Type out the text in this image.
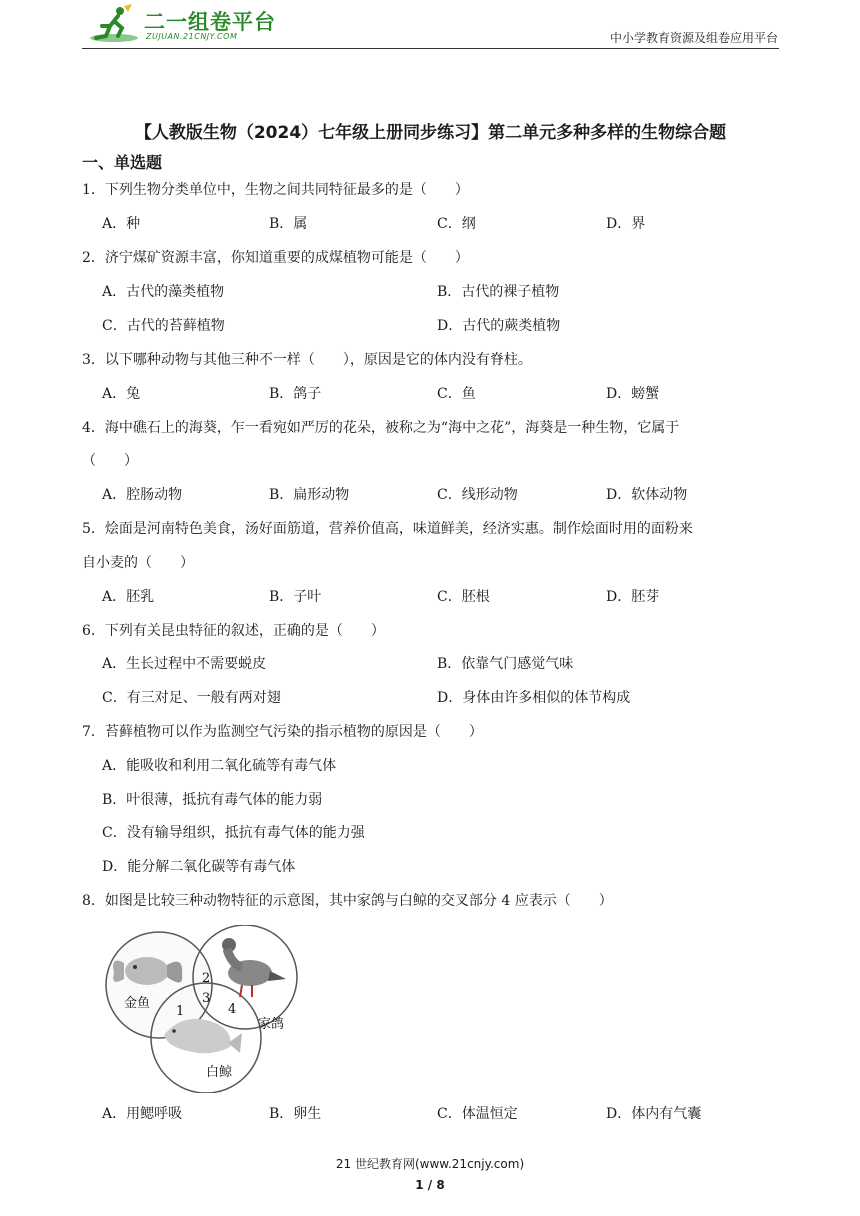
二一组卷平台
ZUJUAN.21CNJY.COM	中小学教育资源及组卷应用平台
【人教版生物（2024）七年级上册同步练习】第二单元多种多样的生物综合题
一、单选题
1．下列生物分类单位中，生物之间共同特征最多的是（　　）
A．种	B．属	C．纲	D．界
2．济宁煤矿资源丰富，你知道重要的成煤植物可能是（　　）
A．古代的藻类植物	B．古代的裸子植物
C．古代的苔藓植物	D．古代的蕨类植物
3．以下哪种动物与其他三种不一样（　　），原因是它的体内没有脊柱。
A．兔	B．鸽子	C．鱼	D．螃蟹
4．海中礁石上的海葵，乍一看宛如严厉的花朵，被称之为“海中之花”，海葵是一种生物，它属于
（　　）
A．腔肠动物	B．扁形动物	C．线形动物	D．软体动物
5．烩面是河南特色美食，汤好面筋道，营养价值高，味道鲜美，经济实惠。制作烩面时用的面粉来
自小麦的（　　）
A．胚乳	B．子叶	C．胚根	D．胚芽
6．下列有关昆虫特征的叙述，正确的是（　　）
A．生长过程中不需要蜕皮	B．依靠气门感觉气味
C．有三对足、一般有两对翅	D．身体由许多相似的体节构成
7．苔藓植物可以作为监测空气污染的指示植物的原因是（　　）
A．能吸收和利用二氧化硫等有毒气体
B．叶很薄，抵抗有毒气体的能力弱
C．没有输导组织，抵抗有毒气体的能力强
D．能分解二氧化碳等有毒气体
8．如图是比较三种动物特征的示意图，其中家鸽与白鲸的交叉部分 4 应表示（　　）
金鱼
家鸽
白鲸
1
2
3
4
A．用鳃呼吸	B．卵生	C．体温恒定	D．体内有气囊
21 世纪教育网(www.21cnjy.com)
1 / 8
